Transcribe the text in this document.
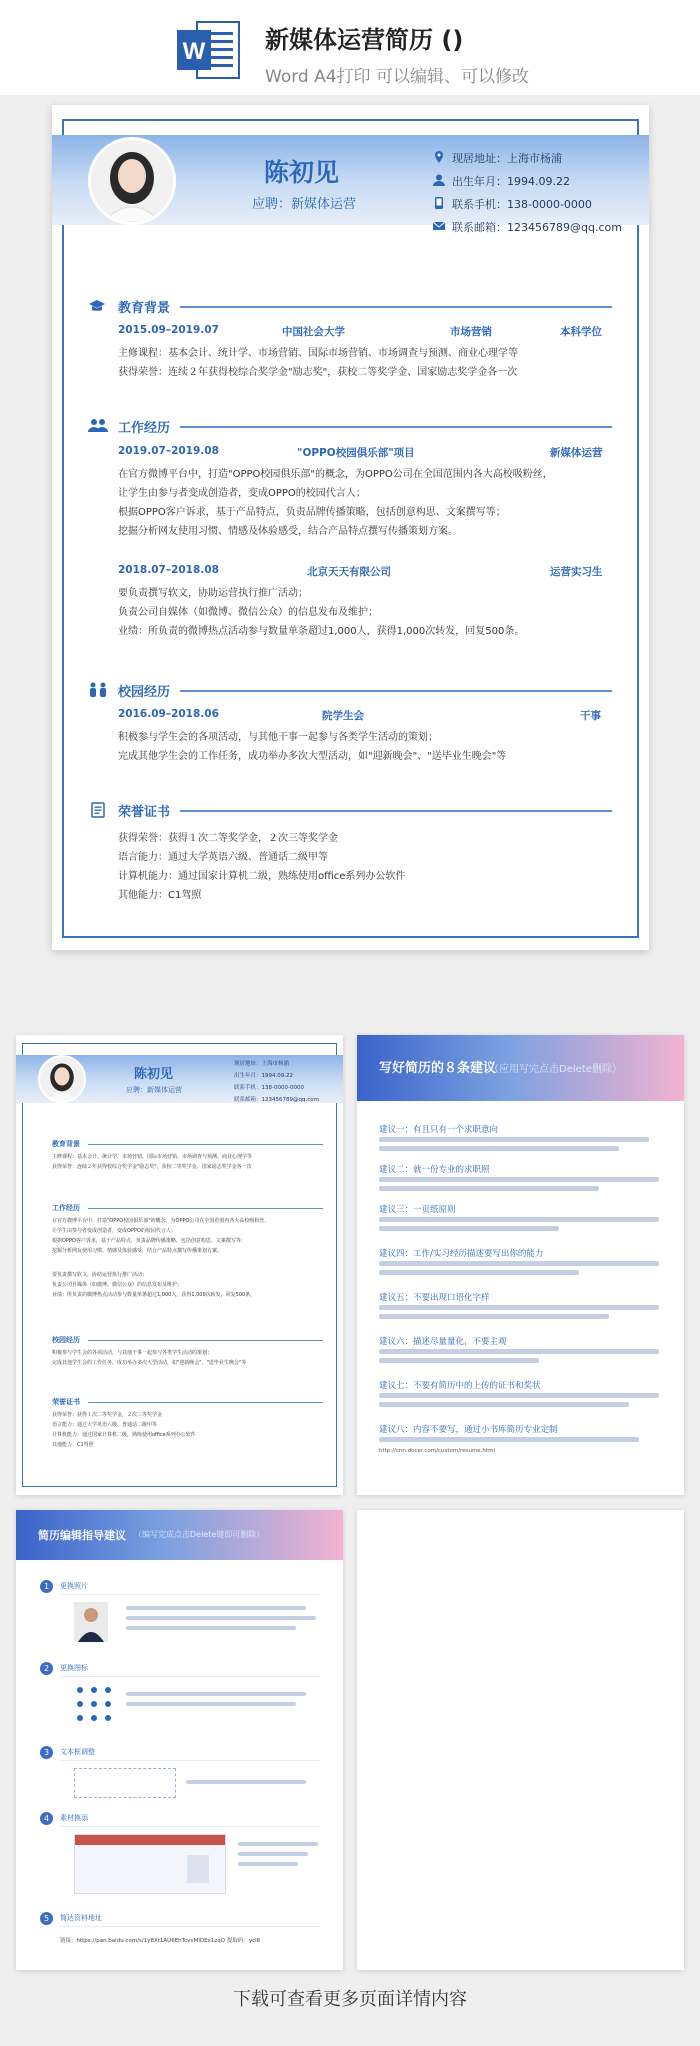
W 新媒体运营简历 ()
Word A4打印 可以编辑、可以修改
陈初见
应聘：新媒体运营
现居地址：上海市杨浦
出生年月：1994.09.22
联系手机：138-0000-0000
联系邮箱：123456789@qq.com
教育背景
2015.09–2019.07	中国社会大学	市场营销	本科学位
主修课程：基本会计、统计学、市场营销、国际市场营销、市场调查与预测、商业心理学等
获得荣誉：连续２年获得校综合奖学金"励志奖"，获校二等奖学金、国家励志奖学金各一次
工作经历
2019.07–2019.08	"OPPO校园俱乐部"项目	新媒体运营
在官方微博平台中，打造"OPPO校园俱乐部"的概念，为OPPO公司在全国范围内各大高校吸粉丝，
让学生由参与者变成创造者，变成OPPO的校园代言人；
根据OPPO客户诉求，基于产品特点，负责品牌传播策略，包括创意构思、文案撰写等；
挖掘分析网友使用习惯、情感及体验感受，结合产品特点撰写传播策划方案。
2018.07–2018.08	北京天天有限公司	运营实习生
要负责撰写软文，协助运营执行推广活动；
负责公司自媒体（如微博、微信公众）的信息发布及维护；
业绩：所负责的微博热点活动参与数量单条超过1,000人，获得1,000次转发，回复500条。
校园经历
2016.09–2018.06	院学生会	干事
积极参与学生会的各项活动，与其他干事一起参与各类学生活动的策划；
完成其他学生会的工作任务，成功举办多次大型活动，如"迎新晚会"、"送毕业生晚会"等
荣誉证书
获得荣誉：获得１次二等奖学金，２次三等奖学金
语言能力：通过大学英语六级、普通话二级甲等
计算机能力：通过国家计算机二级，熟练使用office系列办公软件
其他能力：C1驾照
陈初见
应聘：新媒体运营
现居地址：上海市杨浦
出生年月：1994.09.22
联系手机：138-0000-0000
联系邮箱：123456789@qq.com
教育背景
主修课程：基本会计、统计学、市场营销、国际市场营销、市场调查与预测、商业心理学等
获得荣誉：连续２年获得校综合奖学金"励志奖"，获校二等奖学金、国家励志奖学金各一次
工作经历
在官方微博平台中，打造"OPPO校园俱乐部"的概念，为OPPO公司在全国范围内各大高校吸粉丝，
让学生由参与者变成创造者，变成OPPO的校园代言人；
根据OPPO客户诉求，基于产品特点，负责品牌传播策略，包括创意构思、文案撰写等；
挖掘分析网友使用习惯、情感及体验感受，结合产品特点撰写传播策划方案。
要负责撰写软文，协助运营执行推广活动；
负责公司自媒体（如微博、微信公众）的信息发布及维护；
业绩：所负责的微博热点活动参与数量单条超过1,000人，获得1,000次转发，回复500条。
校园经历
积极参与学生会的各项活动，与其他干事一起参与各类学生活动的策划；
完成其他学生会的工作任务，成功举办多次大型活动，如"迎新晚会"、"送毕业生晚会"等
荣誉证书
获得荣誉：获得１次二等奖学金，２次三等奖学金
语言能力：通过大学英语六级、普通话二级甲等
计算机能力：通过国家计算机二级，熟练使用office系列办公软件
其他能力：C1驾照
写好简历的８条建议
（应用写完点击Delete删除）
建议一：有且只有一个求职意向
建议二：就一份专业的求职照
建议三：一页纸原则
建议四：工作/实习经历描述要写出你的能力
建议五：不要出现口语化字样
建议六：描述尽量量化，不要主观
建议七：不要有简历中的上传的证书和奖状
建议八：内容不要写，通过小书库简历专业定制
http://cnn.docer.com/custom/resume.html
简历编辑指导建议 （编写完成点击Delete键即可删除）
1	更换照片
2	更换图标
3	文本框调整
4	素材换添
5	简达资料地址
链接：https://pan.baidu.com/s/1y8Xt1AU6EhTcvvMlDEx1zqQ 提取码：ycl8
下载可查看更多页面详情内容
